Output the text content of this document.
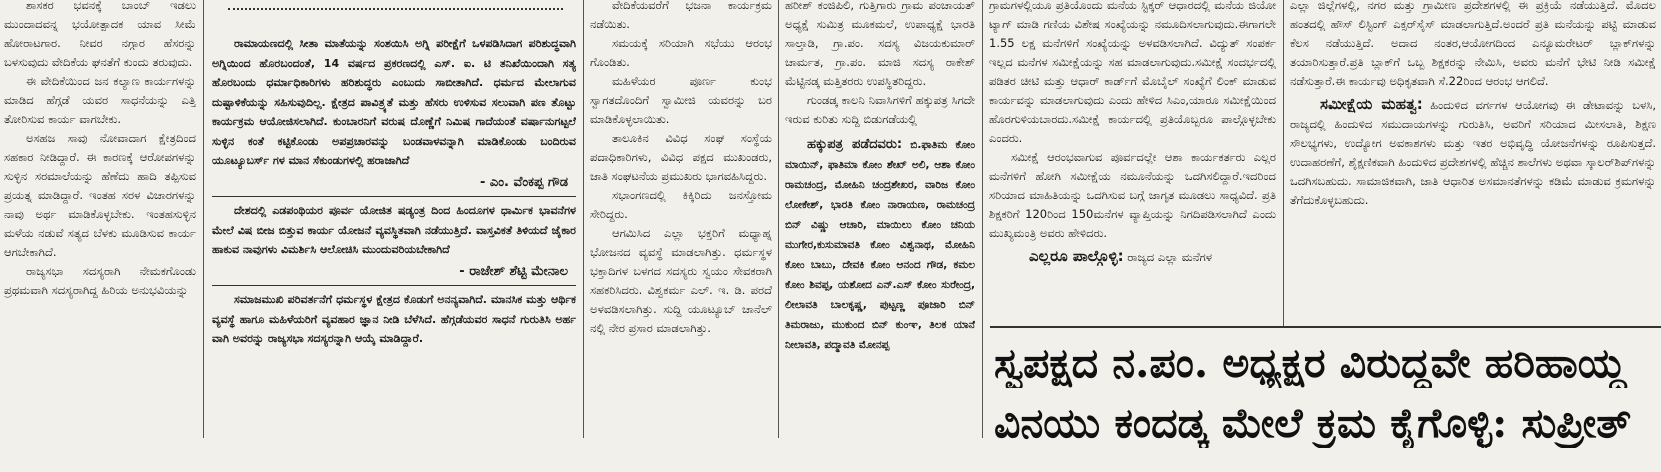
ಶಾಸಕರ ಭವನಕ್ಕೆ ಬಾಂಬ್ ಇಡಲು ಮುಂದಾದವನ್ನ ಭಯೋತ್ಪಾದಕ ಯಾವ ಸೀಮೆ ಹೋರಾಟಗಾರ. ನೀವರ ನಗ್ಗಾರ ಹೆಸರನ್ನು ಬಳಸುವುದು ವೇದಿಕೆಯ ಘನತೆಗೆ ಕುಂದು ತರುವುದು.

ಈ ವೇದಿಕೆಯಿಂದ ಜನ ಕಲ್ಯಾಣ ಕಾರ್ಯಗಳನ್ನು ಮಾಡಿದ ಹೆಗ್ಗಡೆ ಯವರ ಸಾಧನೆಯನ್ನು ಎತ್ತಿ ತೋರಿಸುವ ಕಾರ್ಯ ವಾಗಬೇಕು.

ಅಸಹಜ ಸಾವು ನೋವಾದಾಗ ಕ್ಷೇತ್ರದಿಂದ ಸಹಕಾರ ನೀಡಿದ್ದಾರೆ. ಈ ಕಾರಣಕ್ಕೆ ಆರೋಪಗಳನ್ನು ಸುಳ್ಳಿನ ಸರಮಾಲೆಯನ್ನು ಹೆಣೆದು ಹಾದಿ ತಪ್ಪಿಸುವ ಪ್ರಯತ್ನ ಮಾಡಿದ್ದಾರೆ. ಇಂತಹ ಸರಳ ವಿಚಾರಗಳನ್ನು ನಾವು ಅರ್ಥ ಮಾಡಿಕೊಳ್ಳಬೇಕು. ಇಂತಹಸುಳ್ಳಿನ ಮಳೆಯ ನಡುವೆ ಸತ್ಯದ ಬೆಳಕು ಮೂಡಿಸುವ ಕಾರ್ಯ ಆಗಬೇಕಾಗಿದೆ.

ರಾಜ್ಯಸಭಾ ಸದಸ್ಯರಾಗಿ ನೇಮಕಗೊಂಡು ಪ್ರಥಮವಾಗಿ ಸದಸ್ಯರಾಗಿದ್ದ ಹಿರಿಯ ಅನುಭವಿಯನ್ನು

ರಾಮಾಯಣದಲ್ಲಿ ಸೀತಾ ಮಾತೆಯನ್ನು ಸಂಶಯಿಸಿ ಅಗ್ನಿ ಪರೀಕ್ಷೆಗೆ ಒಳಪಡಿಸಿದಾಗ ಪರಿಶುದ್ಧವಾಗಿ ಅಗ್ನಿಯಿಂದ ಹೊರಬಂದಂತೆ, 14 ವರ್ಷದ ಪ್ರಕರಣದಲ್ಲಿ ಎಸ್. ಐ. ಟಿ ತನಿಖೆಯಿಂದಾಗಿ ಸತ್ಯ ಹೊರಬಂದು ಧರ್ಮಾಧಿಕಾರಿಗಳು ಹರಿಶುದ್ಧರು ಎಂಬುದು ಸಾಬೀತಾಗಿದೆ. ಧರ್ಮದ ಮೇಲಾಗುವ ದುಷ್ಟಾಳಿಕೆಯನ್ನು ಸಹಿಸುವುದಿಲ್ಲ. ಕ್ಷೇತ್ರದ ಪಾವಿತ್ರ್ಯತೆ ಮತ್ತು ಹೆಸರು ಉಳಿಸುವ ಸಲುವಾಗಿ ಪಣ ತೊಟ್ಟು ಕಾರ್ಯಕ್ರಮ ಆಯೋಜಿಸಲಾಗಿದೆ. ಕುಂಬಾರನಿಗೆ ವರುಷ ದೊಣ್ಣೆಗೆ ನಿಮಿಷ ಗಾದೆಯಂತೆ ವರ್ಷಾನುಗಟ್ಟಲೆ ಸುಳ್ಳಿನ ಕಂತೆ ಕಟ್ಟಿಕೊಂಡು ಅಪಪ್ರಚಾರವನ್ನು ಬಂಡವಾಳವನ್ನಾಗಿ ಮಾಡಿಕೊಂಡು ಬಂದಿರುವ ಯೂಟ್ಯೂಬರ್ಸ್ ಗಳ ಮಾನ ಸೆಕುಂಡುಗಳಲ್ಲಿ ಹರಾಜಾಗಿದೆ

- ಎಂ. ವೆಂಕಪ್ಪ ಗೌಡ

ದೇಶದಲ್ಲಿ ಎಡಪಂಥಿಯರ ಪೂರ್ವ ಯೋಜಿತ ಷಡ್ಯಂತ್ರ ದಿಂದ ಹಿಂದೂಗಳ ಧಾರ್ಮಿಕ ಭಾವನೆಗಳ ಮೇಲೆ ವಿಷ ಬೀಜ ಬಿತ್ತುವ ಕಾರ್ಯ ಯೋಜನೆ ವ್ಯವಸ್ಥಿತವಾಗಿ ನಡೆಯುತ್ತಿದೆ. ವಾಸ್ತವಿಕತೆ ತಿಳಿಯದೆ ಜೈಕಾರ ಹಾಕುವ ನಾವುಗಳು ವಿಮರ್ಶಿಸಿ ಆಲೋಚಿಸಿ ಮುಂದುವರಿಯಬೇಕಾಗಿದೆ

- ರಾಜೇಶ್ ಶೆಟ್ಟಿ ಮೇನಾಲ

ಸಮಾಜಮುಖಿ ಪರಿವರ್ತನೆಗೆ ಧರ್ಮಸ್ಥಳ ಕ್ಷೇತ್ರದ ಕೊಡುಗೆ ಅನನ್ಯವಾಗಿದೆ. ಮಾನಸಿಕ ಮತ್ತು ಆರ್ಥಿಕ ವ್ಯವಸ್ಥೆ ಹಾಗೂ ಮಹಿಳೆಯರಿಗೆ ವ್ಯವಹಾರ ಜ್ಞಾನ ನೀಡಿ ಬೆಳೆಸಿದೆ. ಹೆಗ್ಗಡೆಯವರ ಸಾಧನೆ ಗುರುತಿಸಿ ಅರ್ಹ ವಾಗಿ ಅವರನ್ನು ರಾಜ್ಯಸಭಾ ಸದಸ್ಯರನ್ನಾಗಿ ಆಯ್ಕೆ ಮಾಡಿದ್ದಾರೆ.

ವೇದಿಕೆಯವರೆಗೆ ಭಜನಾ ಕಾರ್ಯಕ್ರಮ ನಡೆಯಿತು.

ಸಮಯಕ್ಕೆ ಸರಿಯಾಗಿ ಸಭೆಯು ಆರಂಭ ಗೊಂಡಿತು.

ಮಹಿಳೆಯರ ಪೂರ್ಣ ಕುಂಭ ಸ್ವಾಗತದೊಂದಿಗೆ ಸ್ವಾಮೀಜಿ ಯವರನ್ನು ಬರ ಮಾಡಿಕೊಳ್ಳಲಾಯಿತು.

ತಾಲೂಕಿನ ವಿವಿಧ ಸಂಘ ಸಂಸ್ಥೆಯ ಪದಾಧಿಕಾರಿಗಳು, ವಿವಿಧ ಪಕ್ಷದ ಮುಖಂಡರು, ಜಾತಿ ಸಂಘಟನೆಯ ಪ್ರಮುಖರು ಭಾಗವಹಿಸಿದ್ದರು.

ಸಭಾಂಗಣದಲ್ಲಿ ಕಿಕ್ಕಿರಿದು ಜನಸ್ತೋಮ ಸೇರಿದ್ದರು.

ಆಗಮಿಸಿದ ಎಲ್ಲಾ ಭಕ್ತರಿಗೆ ಮಧ್ಯಾಹ್ನ ಭೋಜನದ ವ್ಯವಸ್ಥೆ ಮಾಡಲಾಗಿತ್ತು. ಧರ್ಮಸ್ಥಳ ಭಕ್ತಾದಿಗಳ ಬಳಗದ ಸದಸ್ಯರು ಸ್ವಯಂ ಸೇವಕರಾಗಿ ಸಹಕರಿಸಿದರು. ವಿಶ್ವಕರ್ಮ ಎಲ್. ಇ. ಡಿ. ಪರದೆ ಅಳವಡಿಸಲಾಗಿತ್ತು. ಸುದ್ದಿ ಯೂಟ್ಯೂಬ್ ಚಾನೆಲ್ ನಲ್ಲಿ ನೇರ ಪ್ರಸಾರ ಮಾಡಲಾಗಿತ್ತು.

ಹರೀಶ್ ಕಂಜಿಪಿಲಿ, ಗುತ್ತಿಗಾರು ಗ್ರಾಮ ಪಂಚಾಯತ್ ಅಧ್ಯಕ್ಷೆ ಸುಮಿತ್ರ ಮೂಕಮಲೆ, ಉಪಾಧ್ಯಕ್ಷೆ ಭಾರತಿ ಸಾಲ್ತಾಡಿ, ಗ್ರಾ.ಪಂ. ಸದಸ್ಯ ವಿಜಯಕುಮಾರ್ ಚಾರ್ಮತ, ಗ್ರಾ.ಪಂ. ಮಾಜಿ ಸದಸ್ಯ ರಾಕೇಶ್ ಮೆಟ್ಟಿನಡ್ಕ ಮತ್ತಿತರರು ಉಪಸ್ಥಿತರಿದ್ದರು.

ಗುಂಡಡ್ಕ ಕಾಲನಿ ನಿವಾಸಿಗಳಿಗೆ ಹಕ್ಕುಪತ್ರ ಸಿಗದೇ ಇರುವ ಕುರಿತು ಸುದ್ದಿ ಬಿಡುಗಡೆಯಲ್ಲಿ

ಹಕ್ಕುಪತ್ರ ಪಡೆದವರು: ಬಿ.ಫಾತಿಮ ಕೋಂ ಮಾಯಿನ್, ಫಾತಿಮಾ ಕೋಂ ಶೇಖ್ ಅಲಿ, ಆಶಾ ಕೋಂ ರಾಮಚಂದ್ರ, ಮೋಹಿನಿ ಚಂದ್ರಶೇಖರ, ವಾರಿಜ ಕೋಂ ಲೋಕೇಶ್, ಭಾರತಿ ಕೋಂ ನಾರಾಯಣ, ರಾಮಚಂದ್ರ ಬಿನ್ ವಿಷ್ಣು ಆಚಾರಿ, ಮಾಯಿಲು ಕೋಂ ಚನಿಯ ಮುಗೇರ,ಕುಸುಮಾವತಿ ಕೋಂ ವಿಶ್ವನಾಥ, ಮೋಹಿನಿ ಕೋಂ ಬಾಬು, ದೇವಕಿ ಕೋಂ ಆನಂದ ಗೌಡ, ಕಮಲ ಕೋಂ ಶಿವಪ್ಪ, ಯಶೋದ ಎನ್.ಎಸ್ ಕೋಂ ಸುರೇಂದ್ರ, ಲೀಲಾವತಿ ಬಾಲಕೃಷ್ಣ, ಪುಟ್ಟಣ್ಣ ಪೂಜಾರಿ ಬಿನ್ ತಿಮರಾಜು, ಮುಕುಂದ ಬಿನ್ ಕುಂಞ, ತಿಲಕ ಯಾನೆ ನೀಲಾವತಿ, ಪದ್ಮಾವತಿ ಮೋನಪ್ಪ

ಗ್ರಾಮಗಳಲ್ಲಿಯೂ ಪ್ರತಿಯೊಂದು ಮನೆಯ ಸ್ಟಿಕ್ಕರ್ ಆಧಾರದಲ್ಲಿ ಮನೆಯ ಜಿಯೋ ಟ್ಯಾಗ್ ಮಾಡಿ ಗಣಿಯ ವಿಶೇಷ ಸಂಖ್ಯೆಯನ್ನು ನಮೂದಿಸಲಾಗುವುದು.ಈಗಾಗಲೇ 1.55 ಲಕ್ಷ ಮನೆಗಳಿಗೆ ಸಂಖ್ಯೆಯನ್ನು ಅಳವಡಿಸಲಾಗಿದೆ. ವಿದ್ಯುತ್ ಸಂಪರ್ಕ ಇಲ್ಲದ ಮನೆಗಳ ಸಮೀಕ್ಷೆಯನ್ನು ಸಹ ಮಾಡಲಾಗುವುದು.ಸಮೀಕ್ಷೆ ಸಂದರ್ಭದಲ್ಲಿ ಪಡಿತರ ಚೀಟಿ ಮತ್ತು ಆಧಾರ್ ಕಾರ್ಡ್‌ಗೆ ಮೊಬೈಲ್ ಸಂಖ್ಯೆಗೆ ಲಿಂಕ್ ಮಾಡುವ ಕಾರ್ಯವನ್ನು ಮಾಡಲಾಗುವುದು ಎಂದು ಹೇಳಿದ ಸಿಎಂ,ಯಾರೂ ಸಮೀಕ್ಷೆಯಿಂದ ಹೊರಗುಳಿಯಬಾರದು.ಸಮೀಕ್ಷೆ ಕಾರ್ಯದಲ್ಲಿ ಪ್ರತಿಯೊಬ್ಬರೂ ಪಾಲ್ಗೊಳ್ಳಬೇಕು ಎಂದರು.

ಸಮೀಕ್ಷೆ ಆರಂಭವಾಗುವ ಪೂರ್ವದಲ್ಲೇ ಆಶಾ ಕಾರ್ಯಕರ್ತರು ಎಲ್ಲರ ಮನೆಗಳಿಗೆ ಹೋಗಿ ಸಮೀಕ್ಷೆಯ ನಮೂನೆಯನ್ನು ಒದಗಿಸಲಿದ್ದಾರೆ.ಇದರಿಂದ ಸರಿಯಾದ ಮಾಹಿತಿಯನ್ನು ಒದಗಿಸುವ ಬಗ್ಗೆ ಜಾಗೃತ ಮೂಡಲು ಸಾಧ್ಯವಿದೆ. ಪ್ರತಿ ಶಿಕ್ಷಕರಿಗೆ 120ರಿಂದ 150ಮನೆಗಳ ವ್ಯಾಪ್ತಿಯನ್ನು ನಿಗದಿಪಡಿಸಲಾಗಿದೆ ಎಂದು ಮುಖ್ಯಮಂತ್ರಿ ಅವರು ಹೇಳಿದರು.

ಎಲ್ಲರೂ ಪಾಲ್ಗೊಳ್ಳಿ: ರಾಜ್ಯದ ಎಲ್ಲಾ ಮನೆಗಳ

ಎಲ್ಲಾ ಜಿಲ್ಲೆಗಳಲ್ಲಿ, ನಗರ ಮತ್ತು ಗ್ರಾಮೀಣ ಪ್ರದೇಶಗಳಲ್ಲಿ ಈ ಪ್ರಕ್ರಿಯೆ ನಡೆಯುತ್ತಿದೆ. ಮೊದಲ ಹಂತದಲ್ಲಿ ಹೌಸ್ ಲಿಸ್ಟಿಂಗ್ ಎಕ್ಸರ್‌ಸೈಸ್ ಮಾಡಲಾಗುತ್ತಿದೆ.ಅಂದರೆ ಪ್ರತಿ ಮನೆಯನ್ನು ಪಟ್ಟಿ ಮಾಡುವ ಕೆಲಸ ನಡೆಯುತ್ತಿದೆ. ಅದಾದ ನಂತರ,ಆಯೋಗದಿಂದ ಎನ್ಯೂಮರೇಟರ್ ಬ್ಲಾಕ್‌ಗಳನ್ನು ತಯಾರಿಸುತ್ತಾರೆ.ಪ್ರತಿ ಬ್ಲಾಕ್‌ಗೆ ಒಬ್ಬ ಶಿಕ್ಷಕರನ್ನು ನೇಮಿಸಿ, ಅವರು ಮನೆಗೆ ಭೇಟಿ ನೀಡಿ ಸಮೀಕ್ಷೆ ನಡೆಸುತ್ತಾರೆ.ಈ ಕಾರ್ಯವು ಅಧಿಕೃತವಾಗಿ ಸೆ.22ರಿಂದ ಆರಂಭ ಆಗಲಿದೆ.

ಸಮೀಕ್ಷೆಯ ಮಹತ್ವ: ಹಿಂದುಳಿದ ವರ್ಗಗಳ ಆಯೋಗವು ಈ ಡೇಟಾವನ್ನು ಬಳಸಿ, ರಾಜ್ಯದಲ್ಲಿ ಹಿಂದುಳಿದ ಸಮುದಾಯಗಳನ್ನು ಗುರುತಿಸಿ, ಅವರಿಗೆ ಸರಿಯಾದ ಮೀಸಲಾತಿ, ಶಿಕ್ಷಣ ಸೌಲಭ್ಯಗಳು, ಉದ್ಯೋಗ ಅವಕಾಶಗಳು ಮತ್ತು ಇತರ ಅಭಿವೃದ್ಧಿ ಯೋಜನೆಗಳನ್ನು ರೂಪಿಸುತ್ತದೆ. ಉದಾಹರಣೆಗೆ, ಶೈಕ್ಷಣಿಕವಾಗಿ ಹಿಂದುಳಿದ ಪ್ರದೇಶಗಳಲ್ಲಿ ಹೆಚ್ಚಿನ ಶಾಲೆಗಳು ಅಥವಾ ಸ್ಕಾಲರ್‌ಶಿಪ್‌ಗಳನ್ನು ಒದಗಿಸಬಹುದು. ಸಾಮಾಜಿಕವಾಗಿ, ಜಾತಿ ಆಧಾರಿತ ಅಸಮಾನತೆಗಳನ್ನು ಕಡಿಮೆ ಮಾಡುವ ಕ್ರಮಗಳನ್ನು ತೆಗೆದುಕೊಳ್ಳಬಹುದು.

ಸ್ವಪಕ್ಷದ ನ.ಪಂ. ಅಧ್ಯಕ್ಷರ ವಿರುದ್ಧವೇ ಹರಿಹಾಯ್ದ
ವಿನಯು ಕಂದಡ್ಕ ಮೇಲೆ ಕ್ರಮ ಕೈಗೊಳ್ಳಿ: ಸುಪ್ರೀತ್
